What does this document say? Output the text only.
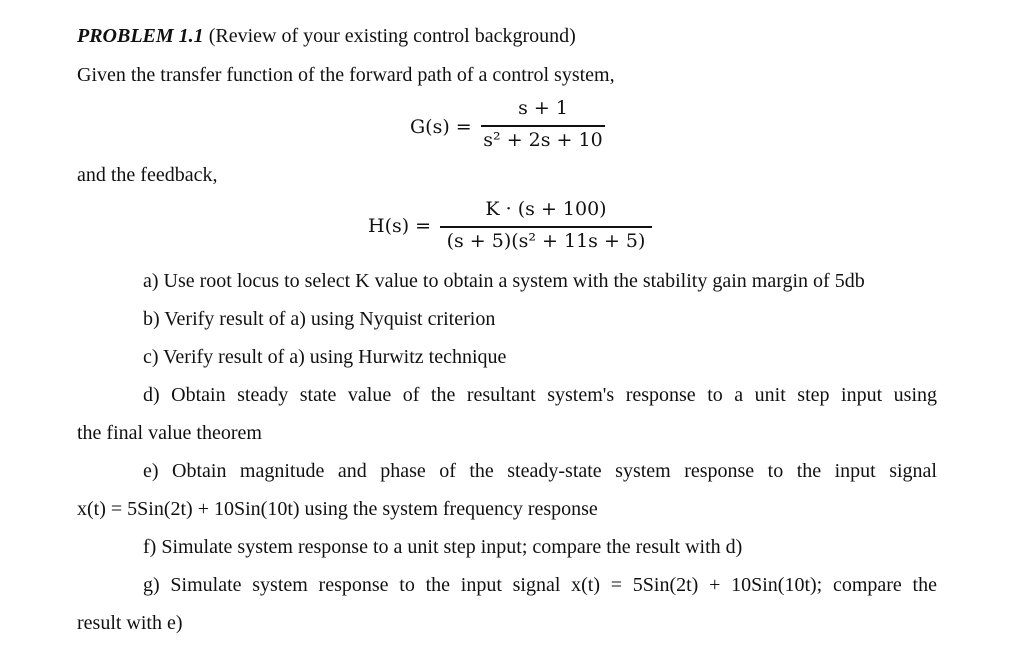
PROBLEM 1.1 (Review of your existing control background)
Given the transfer function of the forward path of a control system,
G(s) =
s + 1
s² + 2s + 10
and the feedback,
H(s) =
K · (s + 100)
(s + 5)(s² + 11s + 5)
a) Use root locus to select K value to obtain a system with the stability gain margin of 5db
b) Verify result of a) using Nyquist criterion
c) Verify result of a) using Hurwitz technique
d) Obtain steady state value of the resultant system's response to a unit step input using
the final value theorem
e) Obtain magnitude and phase of the steady-state system response to the input signal
x(t) = 5Sin(2t) + 10Sin(10t) using the system frequency response
f) Simulate system response to a unit step input; compare the result with d)
g) Simulate system response to the input signal x(t) = 5Sin(2t) + 10Sin(10t); compare the
result with e)
